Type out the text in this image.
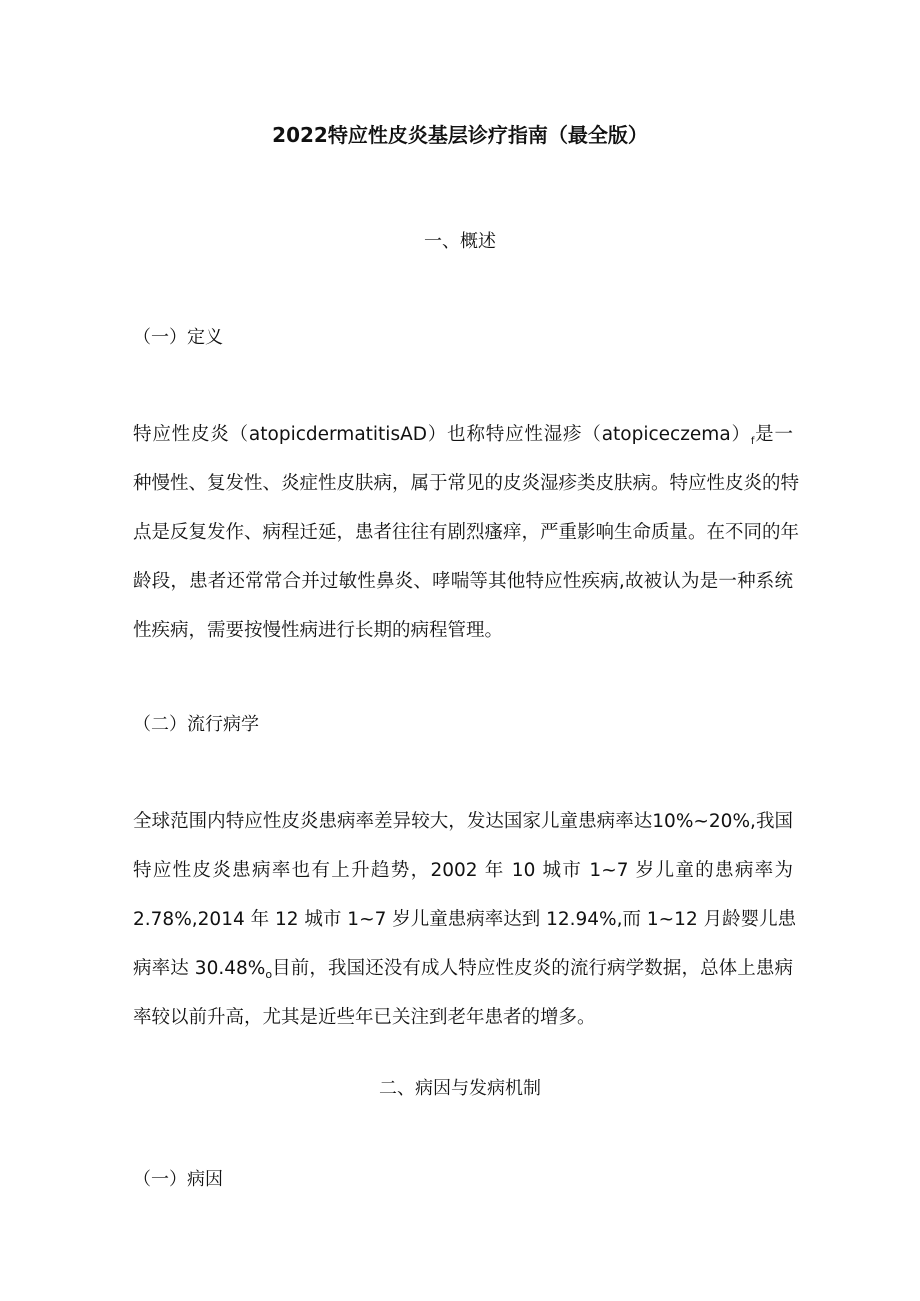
2022特应性皮炎基层诊疗指南（最全版）
一、概述
（一）定义
特应性皮炎（atopicdermatitisAD）也称特应性湿疹$(atopiceczema)_f$是一
种慢性、复发性、炎症性皮肤病，属于常见的皮炎湿疹类皮肤病。特应性皮炎的特
点是反复发作、病程迁延，患者往往有剧烈瘙痒，严重影响生命质量。在不同的年
龄段，患者还常常合并过敏性鼻炎、哮喘等其他特应性疾病,故被认为是一种系统
性疾病，需要按慢性病进行长期的病程管理。
（二）流行病学
全球范围内特应性皮炎患病率差异较大，发达国家儿童患病率达10%~20%,我国
特应性皮炎患病率也有上升趋势，2002 年 10 城市 1~7 岁儿童的患病率为
2.78%,2014 年 12 城市 1~7 岁儿童患病率达到 12.94%,而 1~12 月龄婴儿患
病率达 $30.48\%_o$目前，我国还没有成人特应性皮炎的流行病学数据，总体上患病
率较以前升高，尤其是近些年已关注到老年患者的增多。
二、病因与发病机制
（一）病因
